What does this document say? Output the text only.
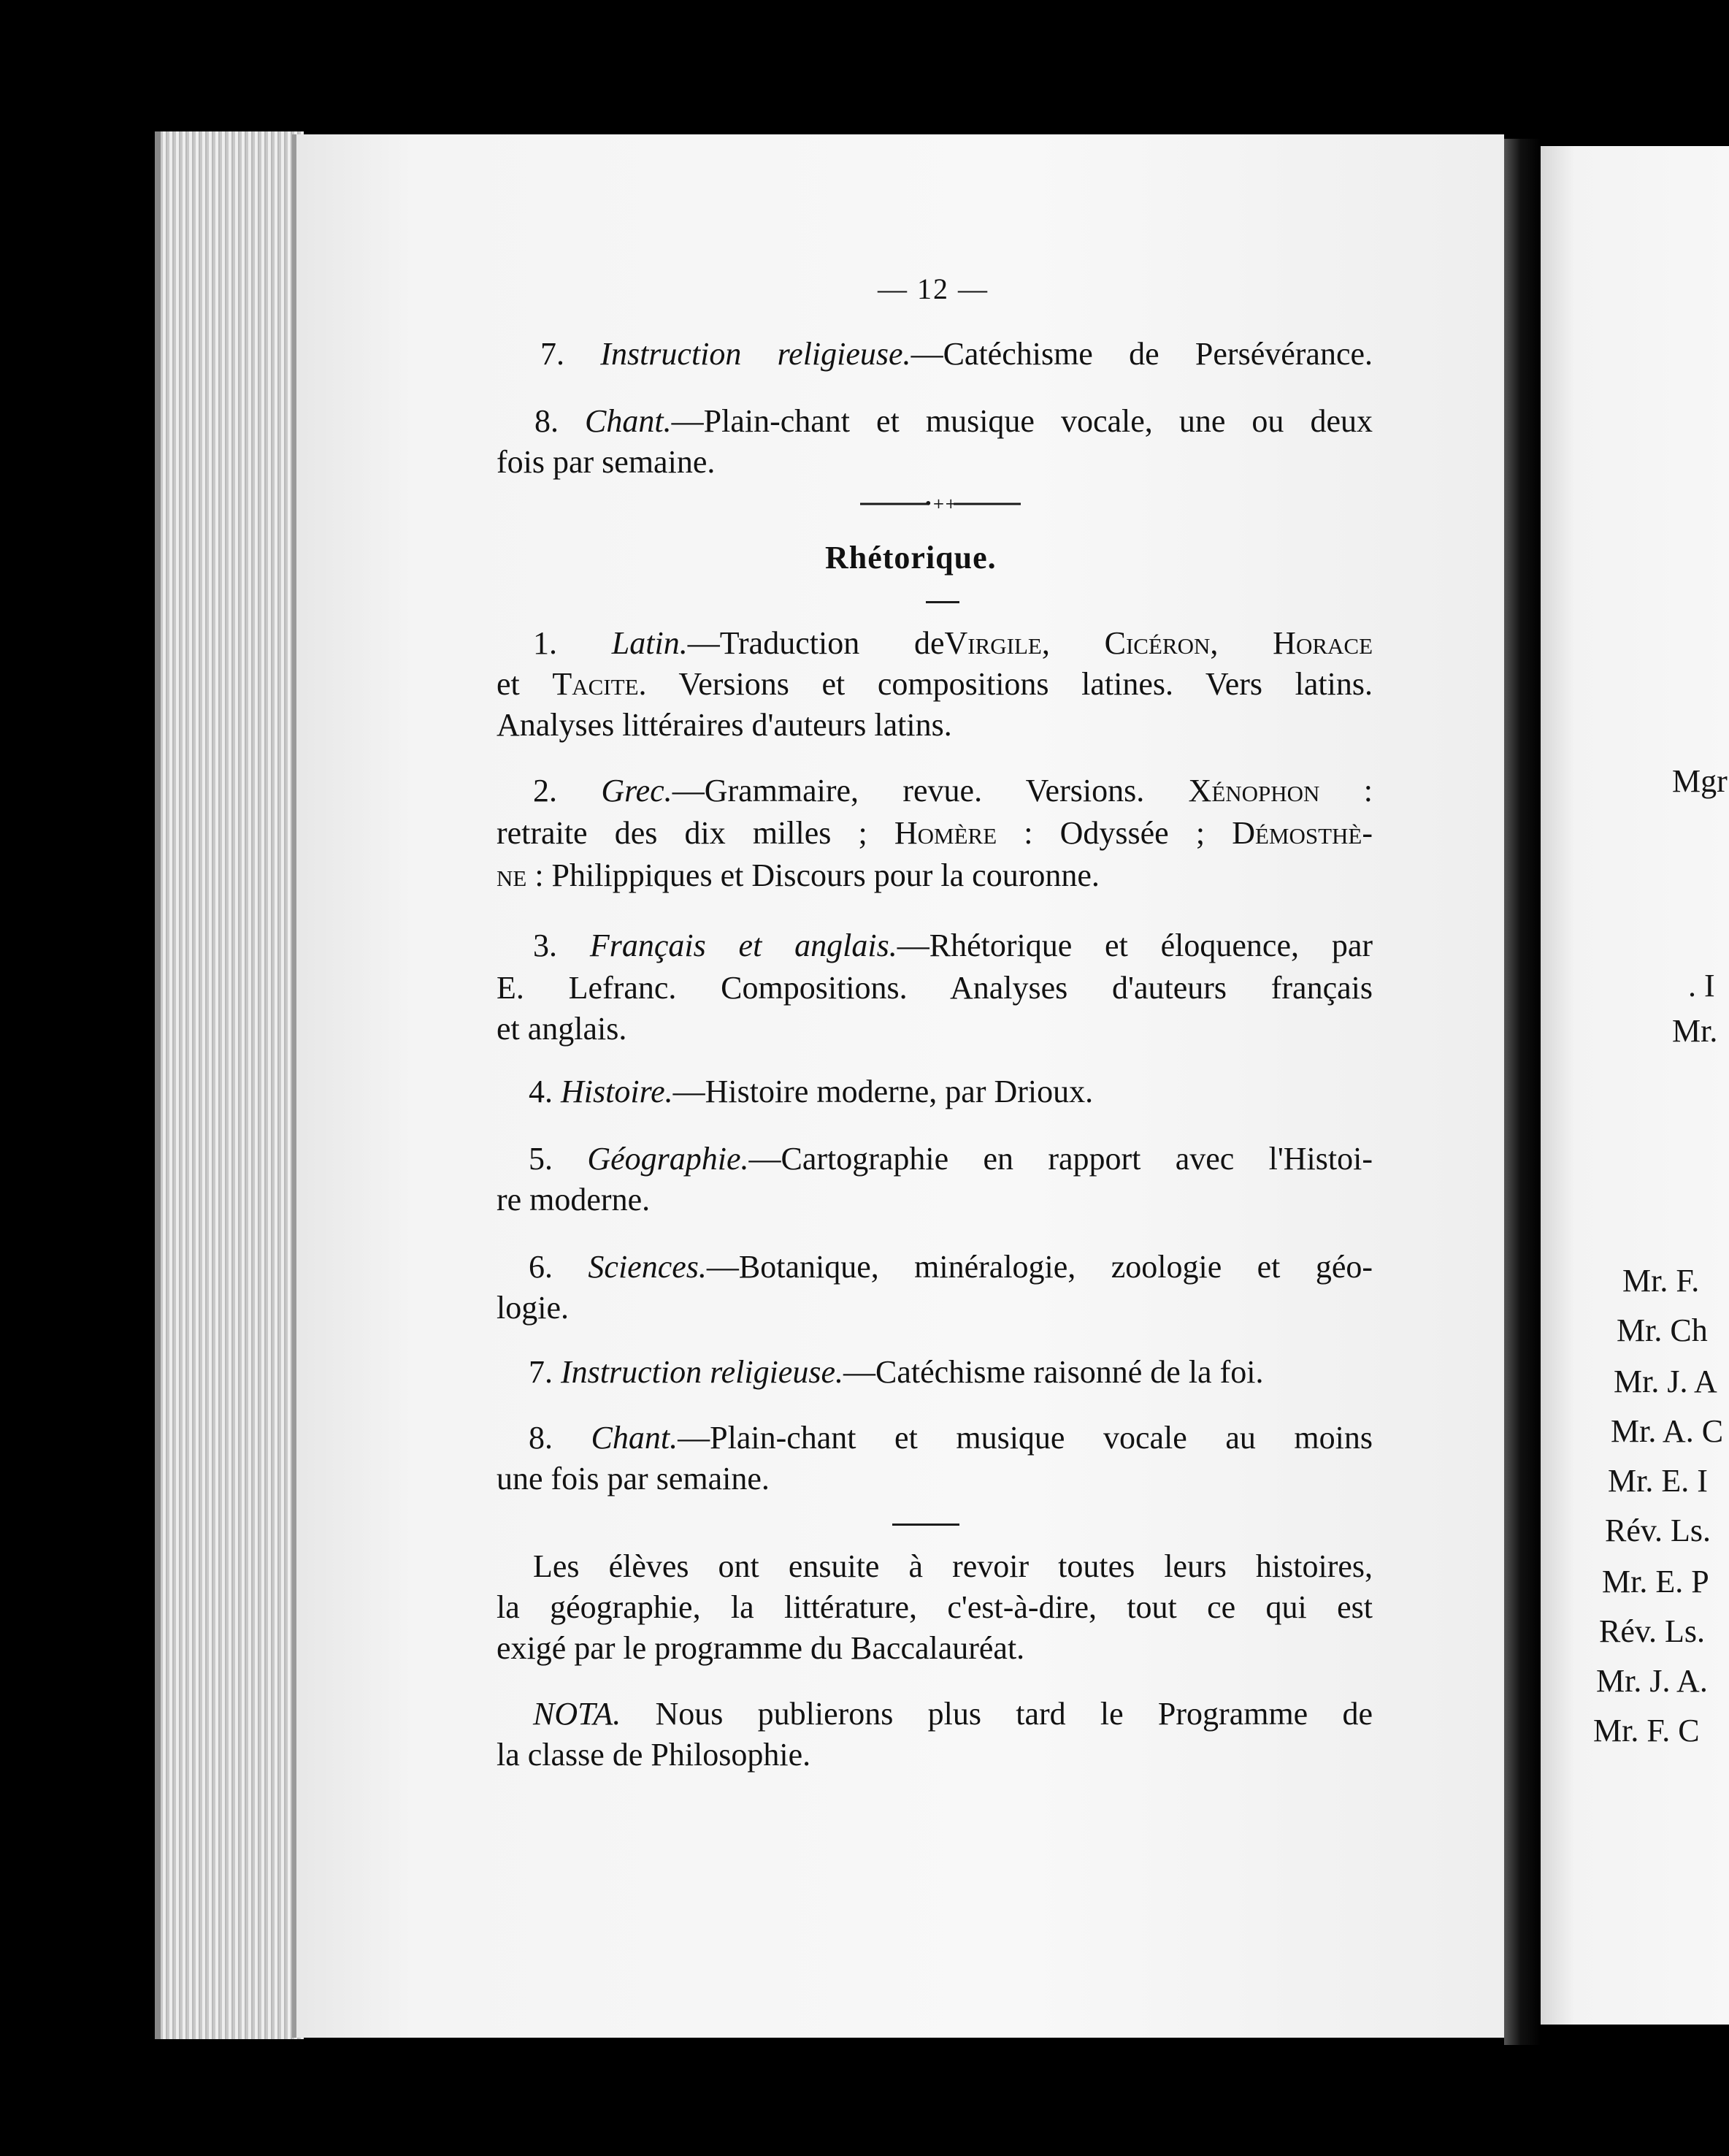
— 12 —
7. Instruction religieuse.—Catéchisme de Persévérance.
8. Chant.—Plain-chant et musique vocale, une ou deux
fois par semaine.
•++
Rhétorique.
1. Latin.—Traduction deVirgile, Cicéron, Horace
et Tacite. Versions et compositions latines. Vers latins.
Analyses littéraires d'auteurs latins.
2. Grec.—Grammaire, revue. Versions. Xénophon :
retraite des dix milles ; Homère : Odyssée ; Démosthè-
ne : Philippiques et Discours pour la couronne.
3. Français et anglais.—Rhétorique et éloquence, par
E. Lefranc. Compositions. Analyses d'auteurs français
et anglais.
4. Histoire.—Histoire moderne, par Drioux.
5. Géographie.—Cartographie en rapport avec l'Histoi-
re moderne.
6. Sciences.—Botanique, minéralogie, zoologie et géo-
logie.
7. Instruction religieuse.—Catéchisme raisonné de la foi.
8. Chant.—Plain-chant et musique vocale au moins
une fois par semaine.
Les élèves ont ensuite à revoir toutes leurs histoires,
la géographie, la littérature, c'est-à-dire, tout ce qui est
exigé par le programme du Baccalauréat.
NOTA. Nous publierons plus tard le Programme de
la classe de Philosophie.
Mgr
. I
Mr.
Mr. F.
Mr. Ch
Mr. J. A
Mr. A. C
Mr. E. I
Rév. Ls.
Mr. E. P
Rév. Ls.
Mr. J. A.
Mr. F. C
